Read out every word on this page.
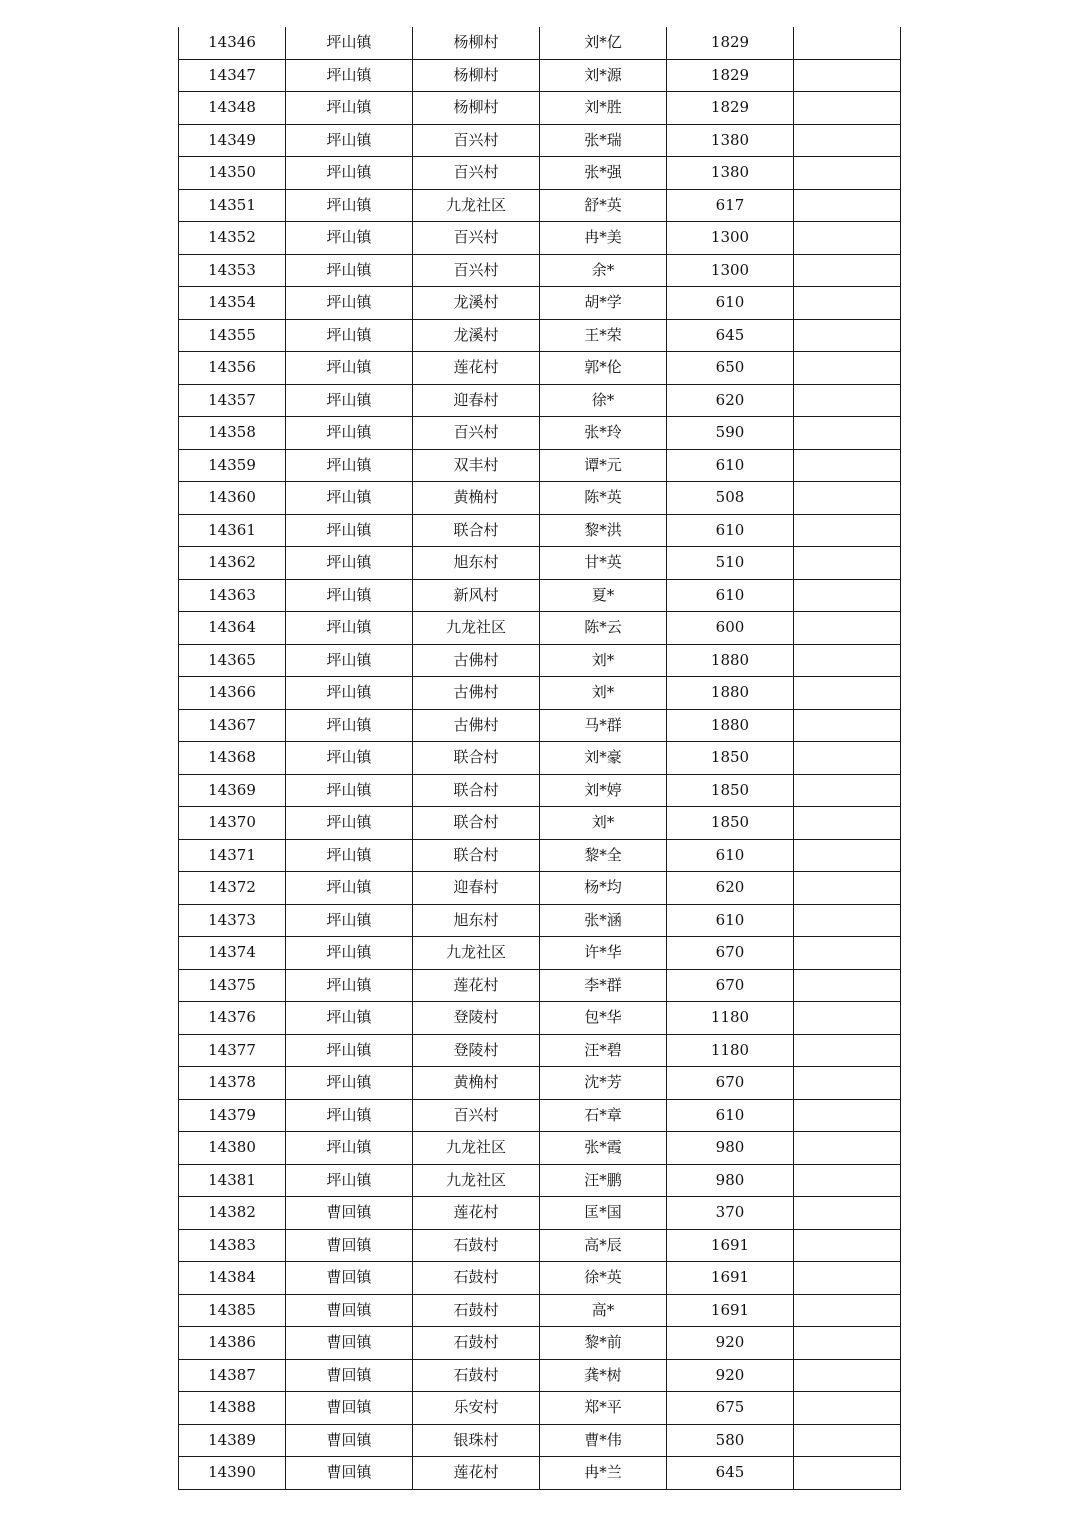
14346	坪山镇	杨柳村	刘*亿	1829	
14347	坪山镇	杨柳村	刘*源	1829	
14348	坪山镇	杨柳村	刘*胜	1829	
14349	坪山镇	百兴村	张*瑞	1380	
14350	坪山镇	百兴村	张*强	1380	
14351	坪山镇	九龙社区	舒*英	617	
14352	坪山镇	百兴村	冉*美	1300	
14353	坪山镇	百兴村	余*	1300	
14354	坪山镇	龙溪村	胡*学	610	
14355	坪山镇	龙溪村	王*荣	645	
14356	坪山镇	莲花村	郭*伦	650	
14357	坪山镇	迎春村	徐*	620	
14358	坪山镇	百兴村	张*玲	590	
14359	坪山镇	双丰村	谭*元	610	
14360	坪山镇	黄桷村	陈*英	508	
14361	坪山镇	联合村	黎*洪	610	
14362	坪山镇	旭东村	甘*英	510	
14363	坪山镇	新风村	夏*	610	
14364	坪山镇	九龙社区	陈*云	600	
14365	坪山镇	古佛村	刘*	1880	
14366	坪山镇	古佛村	刘*	1880	
14367	坪山镇	古佛村	马*群	1880	
14368	坪山镇	联合村	刘*豪	1850	
14369	坪山镇	联合村	刘*婷	1850	
14370	坪山镇	联合村	刘*	1850	
14371	坪山镇	联合村	黎*全	610	
14372	坪山镇	迎春村	杨*均	620	
14373	坪山镇	旭东村	张*涵	610	
14374	坪山镇	九龙社区	许*华	670	
14375	坪山镇	莲花村	李*群	670	
14376	坪山镇	登陵村	包*华	1180	
14377	坪山镇	登陵村	汪*碧	1180	
14378	坪山镇	黄桷村	沈*芳	670	
14379	坪山镇	百兴村	石*章	610	
14380	坪山镇	九龙社区	张*霞	980	
14381	坪山镇	九龙社区	汪*鹏	980	
14382	曹回镇	莲花村	匡*国	370	
14383	曹回镇	石鼓村	高*辰	1691	
14384	曹回镇	石鼓村	徐*英	1691	
14385	曹回镇	石鼓村	高*	1691	
14386	曹回镇	石鼓村	黎*前	920	
14387	曹回镇	石鼓村	龚*树	920	
14388	曹回镇	乐安村	郑*平	675	
14389	曹回镇	银珠村	曹*伟	580	
14390	曹回镇	莲花村	冉*兰	645	
